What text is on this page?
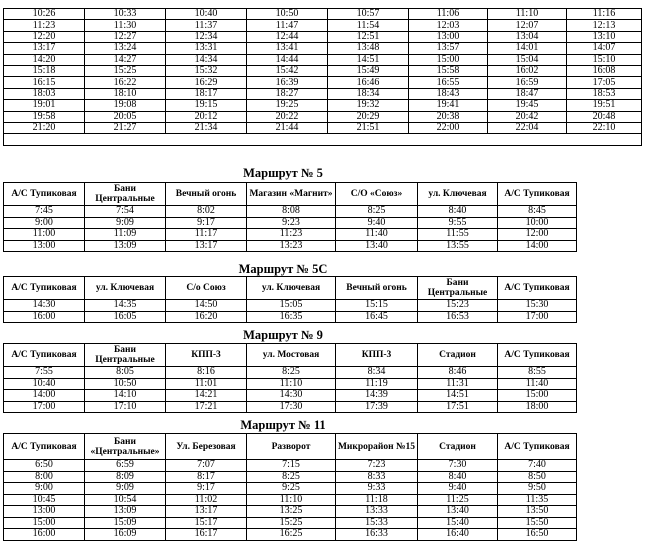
10:26	10:33	10:40	10:50	10:57	11:06	11:10	11:16
11:23	11:30	11:37	11:47	11:54	12:03	12:07	12:13
12:20	12:27	12:34	12:44	12:51	13:00	13:04	13:10
13:17	13:24	13:31	13:41	13:48	13:57	14:01	14:07
14:20	14:27	14:34	14:44	14:51	15:00	15:04	15:10
15:18	15:25	15:32	15:42	15:49	15:58	16:02	16:08
16:15	16:22	16:29	16:39	16:46	16:55	16:59	17:05
18:03	18:10	18:17	18:27	18:34	18:43	18:47	18:53
19:01	19:08	19:15	19:25	19:32	19:41	19:45	19:51
19:58	20:05	20:12	20:22	20:29	20:38	20:42	20:48
21:20	21:27	21:34	21:44	21:51	22:00	22:04	22:10

Маршрут № 5
А/С Тупиковая	Бани Центральные	Вечный огонь	Магазин «Магнит»	С/О «Союз»	ул. Ключевая	А/С Тупиковая
7:45	7:54	8:02	8:08	8:25	8:40	8:45
9:00	9:09	9:17	9:23	9:40	9:55	10:00
11:00	11:09	11:17	11:23	11:40	11:55	12:00
13:00	13:09	13:17	13:23	13:40	13:55	14:00
Маршрут № 5С
А/С Тупиковая	ул. Ключевая	С/о Союз	ул. Ключевая	Вечный огонь	Бани Центральные	А/С Тупиковая
14:30	14:35	14:50	15:05	15:15	15:23	15:30
16:00	16:05	16:20	16:35	16:45	16:53	17:00
Маршрут № 9
А/С Тупиковая	Бани Центральные	КПП-3	ул. Мостовая	КПП-3	Стадион	А/С Тупиковая
7:55	8:05	8:16	8:25	8:34	8:46	8:55
10:40	10:50	11:01	11:10	11:19	11:31	11:40
14:00	14:10	14:21	14:30	14:39	14:51	15:00
17:00	17:10	17:21	17:30	17:39	17:51	18:00
Маршрут № 11
А/С Тупиковая	Бани «Центральные»	Ул. Березовая	Разворот	Микрорайон №15	Стадион	А/С Тупиковая
6:50	6:59	7:07	7:15	7:23	7:30	7:40
8:00	8:09	8:17	8:25	8:33	8:40	8:50
9:00	9:09	9:17	9:25	9:33	9:40	9:50
10:45	10:54	11:02	11:10	11:18	11:25	11:35
13:00	13:09	13:17	13:25	13:33	13:40	13:50
15:00	15:09	15:17	15:25	15:33	15:40	15:50
16:00	16:09	16:17	16:25	16:33	16:40	16:50
